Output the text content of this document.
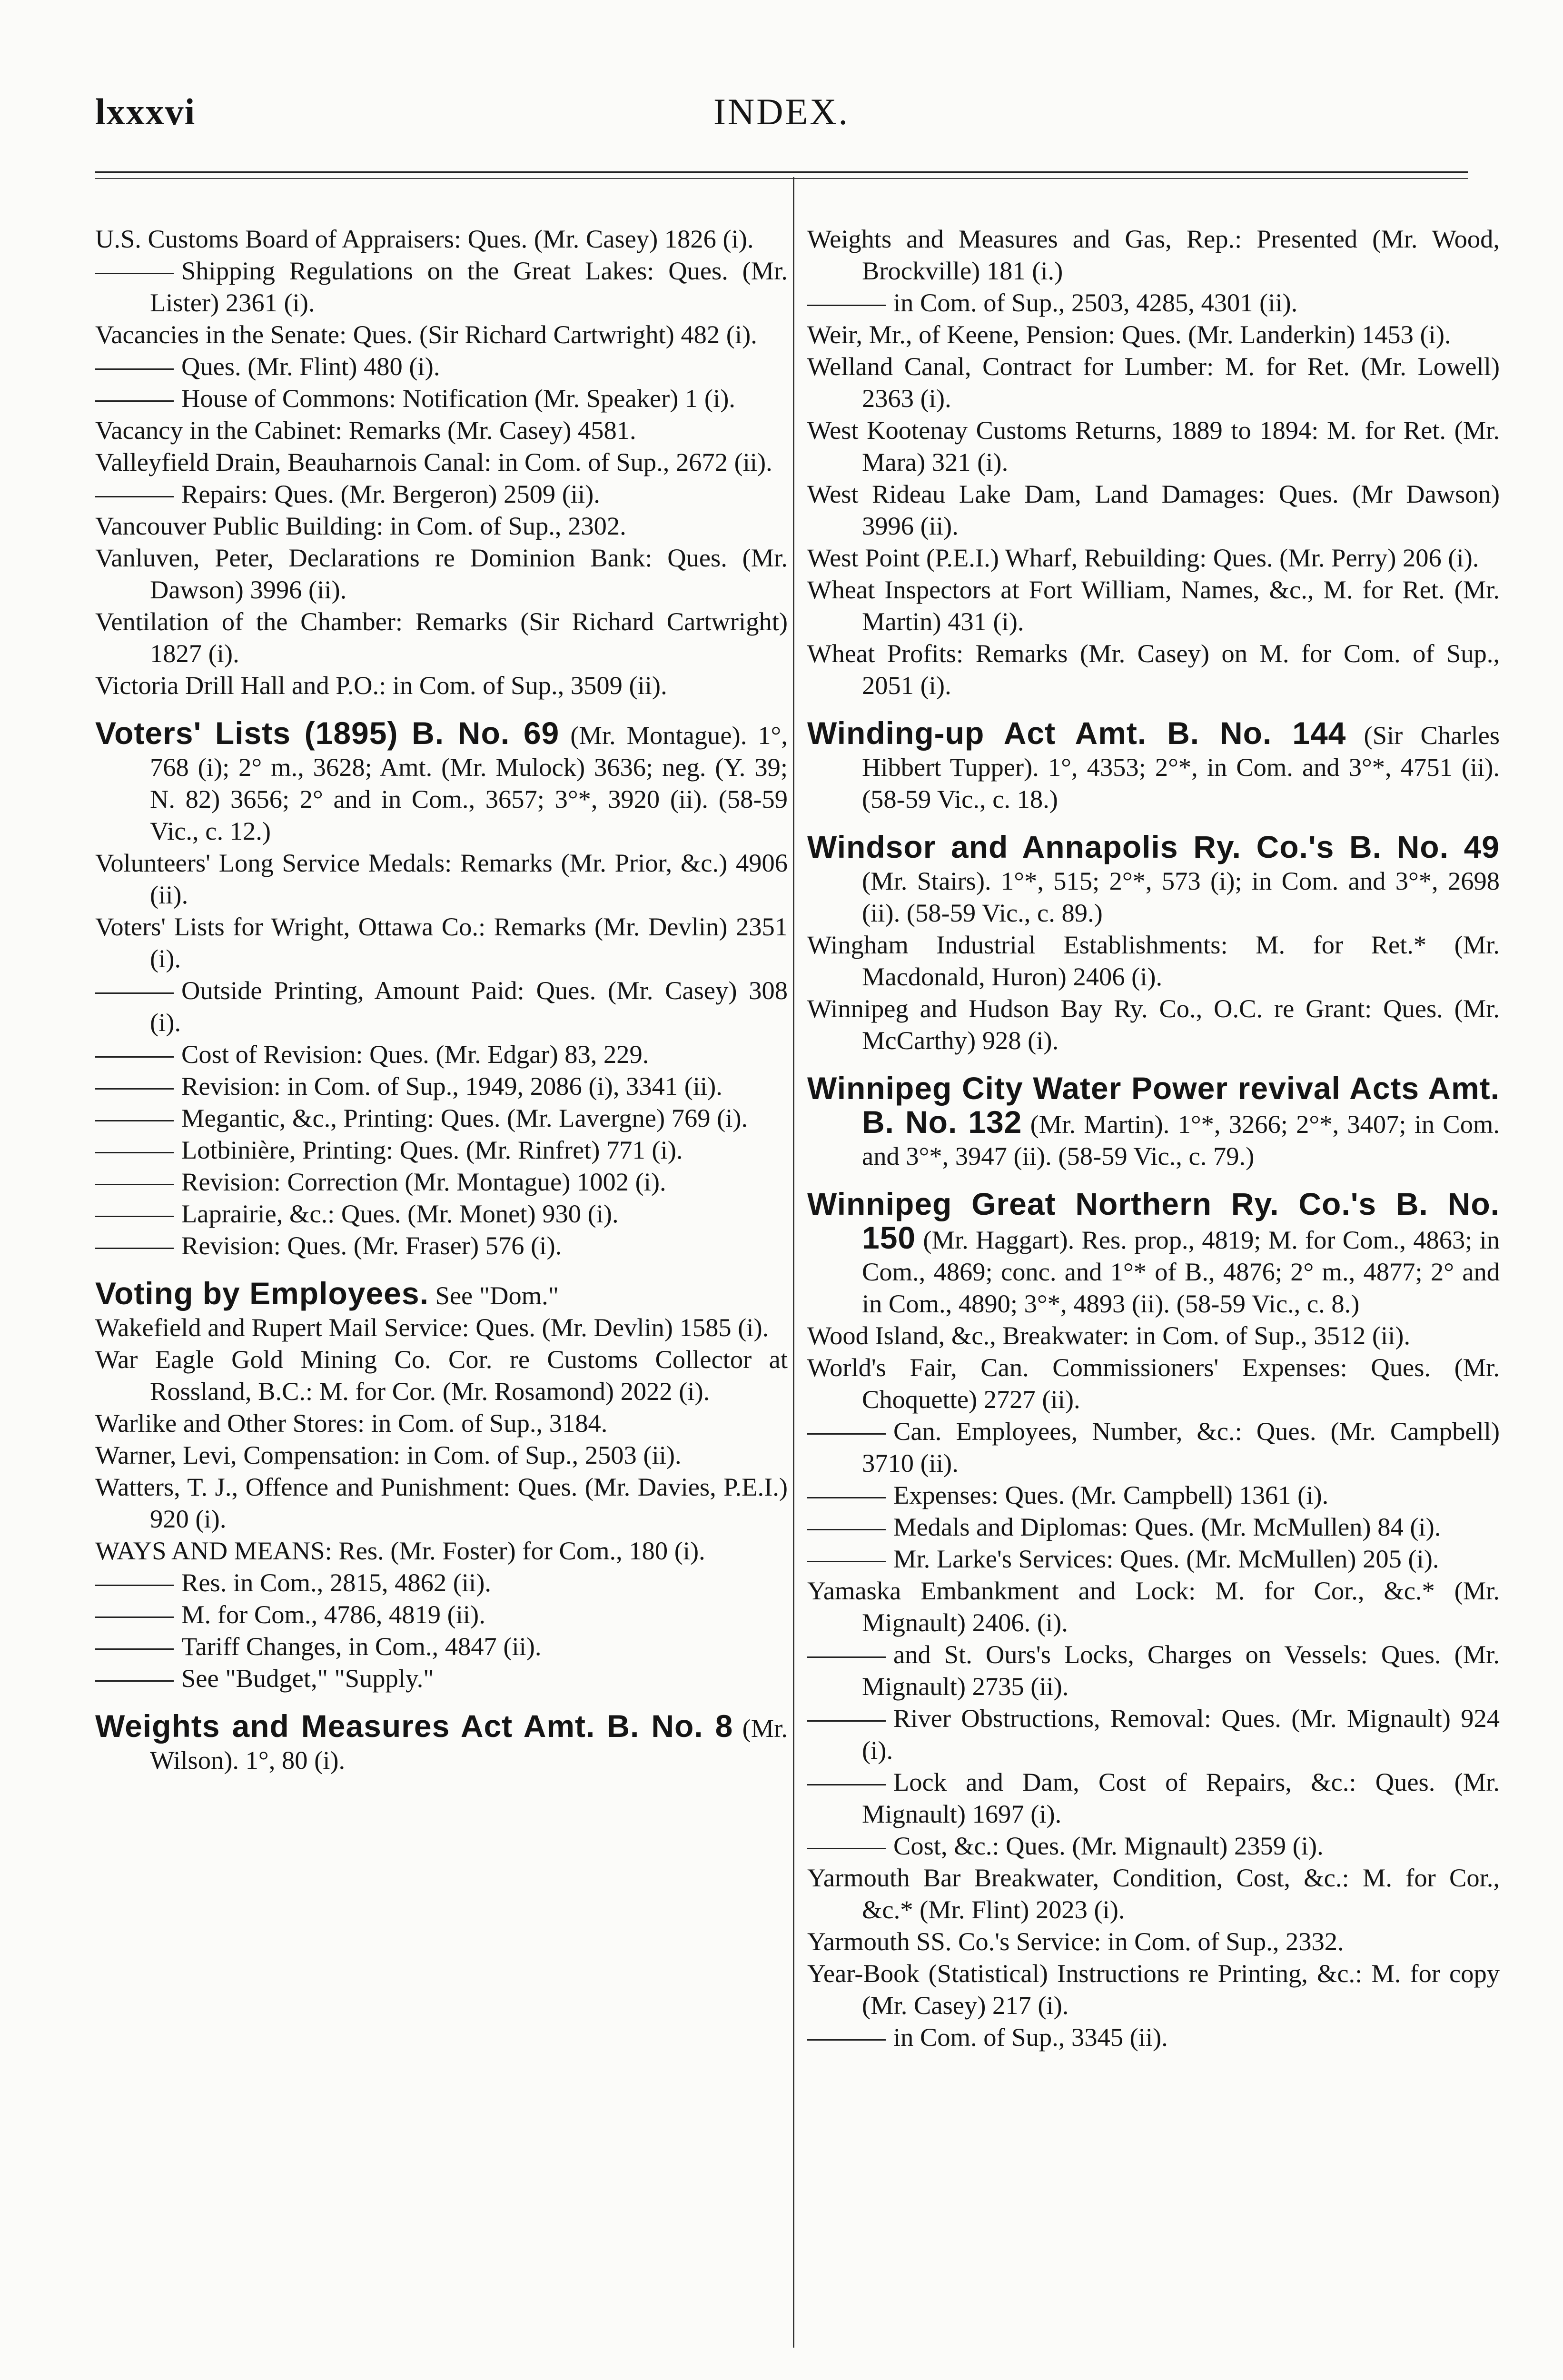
lxxxvi	INDEX.

U.S. Customs Board of Appraisers: Ques. (Mr. Casey) 1826 (i).

Shipping Regulations on the Great Lakes: Ques. (Mr. Lister) 2361 (i).

Vacancies in the Senate: Ques. (Sir Richard Cartwright) 482 (i).

Ques. (Mr. Flint) 480 (i).

House of Commons: Notification (Mr. Speaker) 1 (i).

Vacancy in the Cabinet: Remarks (Mr. Casey) 4581.

Valleyfield Drain, Beauharnois Canal: in Com. of Sup., 2672 (ii).

Repairs: Ques. (Mr. Bergeron) 2509 (ii).

Vancouver Public Building: in Com. of Sup., 2302.

Vanluven, Peter, Declarations re Dominion Bank: Ques. (Mr. Dawson) 3996 (ii).

Ventilation of the Chamber: Remarks (Sir Richard Cartwright) 1827 (i).

Victoria Drill Hall and P.O.: in Com. of Sup., 3509 (ii).

Voters' Lists (1895) B. No. 69 (Mr. Montague). 1°, 768 (i); 2° m., 3628; Amt. (Mr. Mulock) 3636; neg. (Y. 39; N. 82) 3656; 2° and in Com., 3657; 3°*, 3920 (ii). (58-59 Vic., c. 12.)

Volunteers' Long Service Medals: Remarks (Mr. Prior, &c.) 4906 (ii).

Voters' Lists for Wright, Ottawa Co.: Remarks (Mr. Devlin) 2351 (i).

Outside Printing, Amount Paid: Ques. (Mr. Casey) 308 (i).

Cost of Revision: Ques. (Mr. Edgar) 83, 229.

Revision: in Com. of Sup., 1949, 2086 (i), 3341 (ii).

Megantic, &c., Printing: Ques. (Mr. Lavergne) 769 (i).

Lotbinière, Printing: Ques. (Mr. Rinfret) 771 (i).

Revision: Correction (Mr. Montague) 1002 (i).

Laprairie, &c.: Ques. (Mr. Monet) 930 (i).

Revision: Ques. (Mr. Fraser) 576 (i).

Voting by Employees. See "Dom."

Wakefield and Rupert Mail Service: Ques. (Mr. Devlin) 1585 (i).

War Eagle Gold Mining Co. Cor. re Customs Collector at Rossland, B.C.: M. for Cor. (Mr. Rosamond) 2022 (i).

Warlike and Other Stores: in Com. of Sup., 3184.

Warner, Levi, Compensation: in Com. of Sup., 2503 (ii).

Watters, T. J., Offence and Punishment: Ques. (Mr. Davies, P.E.I.) 920 (i).

WAYS AND MEANS: Res. (Mr. Foster) for Com., 180 (i).

Res. in Com., 2815, 4862 (ii).

M. for Com., 4786, 4819 (ii).

Tariff Changes, in Com., 4847 (ii).

See "Budget," "Supply."

Weights and Measures Act Amt. B. No. 8 (Mr. Wilson). 1°, 80 (i).

Weights and Measures and Gas, Rep.: Presented (Mr. Wood, Brockville) 181 (i.)

in Com. of Sup., 2503, 4285, 4301 (ii).

Weir, Mr., of Keene, Pension: Ques. (Mr. Landerkin) 1453 (i).

Welland Canal, Contract for Lumber: M. for Ret. (Mr. Lowell) 2363 (i).

West Kootenay Customs Returns, 1889 to 1894: M. for Ret. (Mr. Mara) 321 (i).

West Rideau Lake Dam, Land Damages: Ques. (Mr Dawson) 3996 (ii).

West Point (P.E.I.) Wharf, Rebuilding: Ques. (Mr. Perry) 206 (i).

Wheat Inspectors at Fort William, Names, &c., M. for Ret. (Mr. Martin) 431 (i).

Wheat Profits: Remarks (Mr. Casey) on M. for Com. of Sup., 2051 (i).

Winding-up Act Amt. B. No. 144 (Sir Charles Hibbert Tupper). 1°, 4353; 2°*, in Com. and 3°*, 4751 (ii). (58-59 Vic., c. 18.)

Windsor and Annapolis Ry. Co.'s B. No. 49 (Mr. Stairs). 1°*, 515; 2°*, 573 (i); in Com. and 3°*, 2698 (ii). (58-59 Vic., c. 89.)

Wingham Industrial Establishments: M. for Ret.* (Mr. Macdonald, Huron) 2406 (i).

Winnipeg and Hudson Bay Ry. Co., O.C. re Grant: Ques. (Mr. McCarthy) 928 (i).

Winnipeg City Water Power revival Acts Amt. B. No. 132 (Mr. Martin). 1°*, 3266; 2°*, 3407; in Com. and 3°*, 3947 (ii). (58-59 Vic., c. 79.)

Winnipeg Great Northern Ry. Co.'s B. No. 150 (Mr. Haggart). Res. prop., 4819; M. for Com., 4863; in Com., 4869; conc. and 1°* of B., 4876; 2° m., 4877; 2° and in Com., 4890; 3°*, 4893 (ii). (58-59 Vic., c. 8.)

Wood Island, &c., Breakwater: in Com. of Sup., 3512 (ii).

World's Fair, Can. Commissioners' Expenses: Ques. (Mr. Choquette) 2727 (ii).

Can. Employees, Number, &c.: Ques. (Mr. Campbell) 3710 (ii).

Expenses: Ques. (Mr. Campbell) 1361 (i).

Medals and Diplomas: Ques. (Mr. McMullen) 84 (i).

Mr. Larke's Services: Ques. (Mr. McMullen) 205 (i).

Yamaska Embankment and Lock: M. for Cor., &c.* (Mr. Mignault) 2406. (i).

and St. Ours's Locks, Charges on Vessels: Ques. (Mr. Mignault) 2735 (ii).

River Obstructions, Removal: Ques. (Mr. Mignault) 924 (i).

Lock and Dam, Cost of Repairs, &c.: Ques. (Mr. Mignault) 1697 (i).

Cost, &c.: Ques. (Mr. Mignault) 2359 (i).

Yarmouth Bar Breakwater, Condition, Cost, &c.: M. for Cor., &c.* (Mr. Flint) 2023 (i).

Yarmouth SS. Co.'s Service: in Com. of Sup., 2332.

Year-Book (Statistical) Instructions re Printing, &c.: M. for copy (Mr. Casey) 217 (i).

in Com. of Sup., 3345 (ii).
